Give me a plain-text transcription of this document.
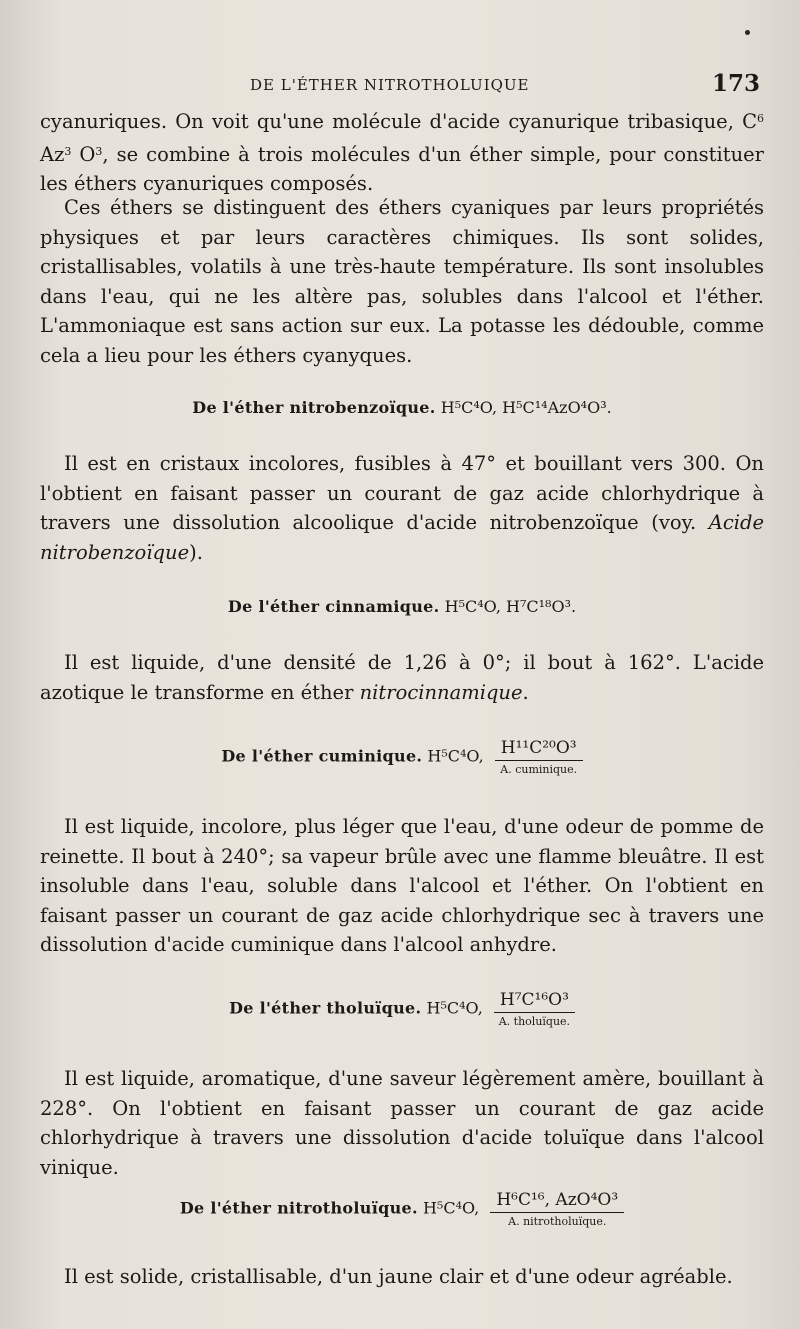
DE L'ÉTHER NITROTHOLUIQUE	173

cyanuriques. On voit qu'une molécule d'acide cyanurique tribasique, $C^6$ Az$^3$ $O^3$, se combine à trois molécules d'un éther simple, pour constituer les éthers cyanuriques composés.

Ces éthers se distinguent des éthers cyaniques par leurs propriétés physiques et par leurs caractères chimiques. Ils sont solides, cristallisables, volatils à une très-haute température. Ils sont insolubles dans l'eau, qui ne les altère pas, solubles dans l'alcool et l'éther. L'ammoniaque est sans action sur eux. La potasse les dédouble, comme cela a lieu pour les éthers cyanyques.

De l'éther nitrobenzoïque. H⁵C⁴O, H⁵C¹⁴AzO⁴O³.

Il est en cristaux incolores, fusibles à 47° et bouillant vers 300. On l'obtient en faisant passer un courant de gaz acide chlorhydrique à travers une dissolution alcoolique d'acide nitrobenzoïque (voy. Acide nitrobenzoïque).

De l'éther cinnamique. H⁵C⁴O, H⁷C¹⁸O³.

Il est liquide, d'une densité de 1,26 à 0°; il bout à 162°. L'acide azotique le transforme en éther nitrocinnamique.

De l'éther cuminique. H⁵C⁴O, $\frac{\text{H¹¹C²⁰O³}}{\text{A. cuminique.}}$

Il est liquide, incolore, plus léger que l'eau, d'une odeur de pomme de reinette. Il bout à 240°; sa vapeur brûle avec une flamme bleuâtre. Il est insoluble dans l'eau, soluble dans l'alcool et l'éther. On l'obtient en faisant passer un courant de gaz acide chlorhydrique sec à travers une dissolution d'acide cuminique dans l'alcool anhydre.

De l'éther tholuïque. H⁵C⁴O, $\frac{\text{H⁷C¹⁶O³}}{\text{A. tholuïque.}}$

Il est liquide, aromatique, d'une saveur légèrement amère, bouillant à 228°. On l'obtient en faisant passer un courant de gaz acide chlorhydrique à travers une dissolution d'acide toluïque dans l'alcool vinique.

De l'éther nitrotholuïque. H⁵C⁴O, $\frac{\text{H⁶C¹⁶, AzO⁴O³}}{\text{A. nitrotholuïque.}}$

Il est solide, cristallisable, d'un jaune clair et d'une odeur agréable.
